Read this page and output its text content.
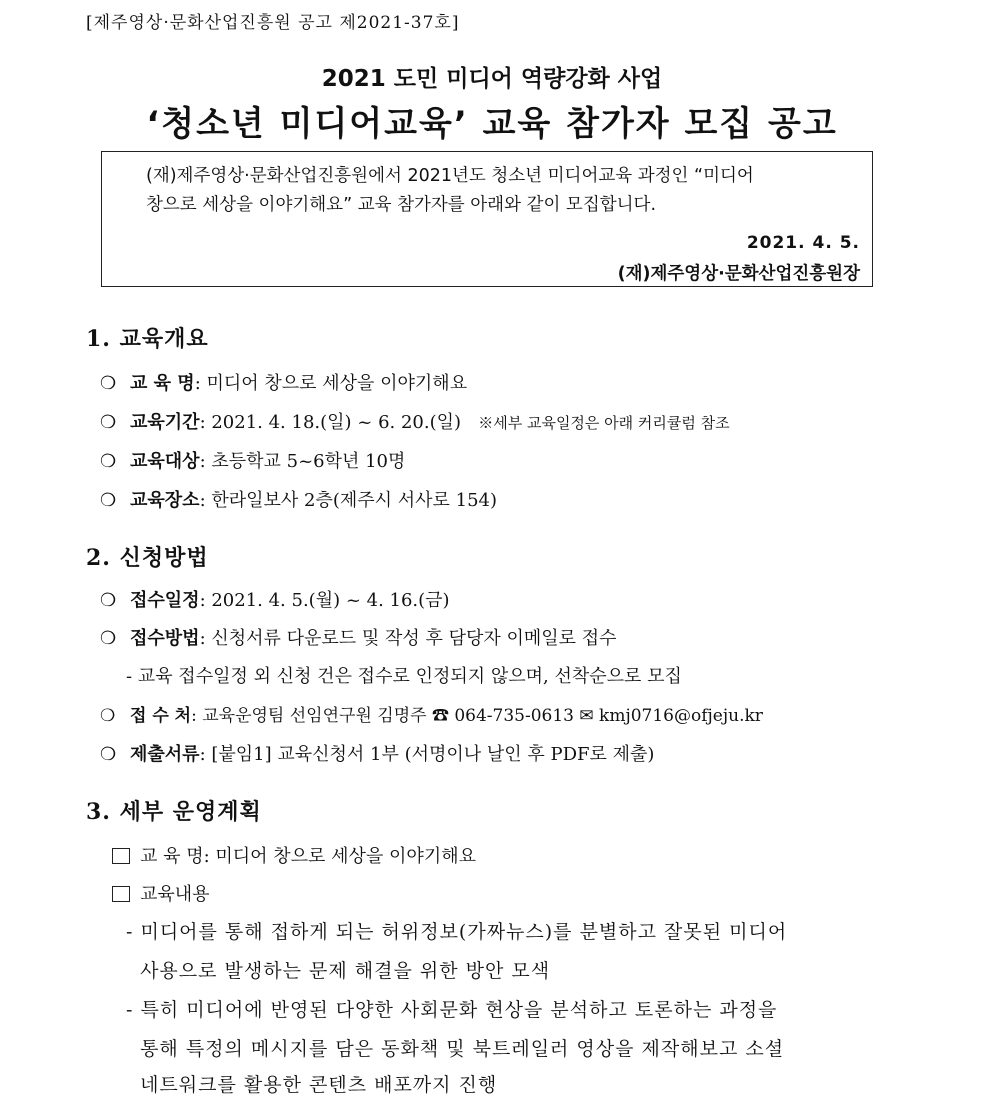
[제주영상·문화산업진흥원 공고 제2021-37호]
2021 도민 미디어 역량강화 사업
‘청소년 미디어교육’ 교육 참가자 모집 공고
(재)제주영상·문화산업진흥원에서 2021년도 청소년 미디어교육 과정인 “미디어
창으로 세상을 이야기해요” 교육 참가자를 아래와 같이 모집합니다.
2021. 4. 5.
(재)제주영상·문화산업진흥원장
1. 교육개요
❍ 교 육 명: 미디어 창으로 세상을 이야기해요
❍ 교육기간: 2021. 4. 18.(일) ~ 6. 20.(일) ※세부 교육일정은 아래 커리큘럼 참조
❍ 교육대상: 초등학교 5~6학년 10명
❍ 교육장소: 한라일보사 2층(제주시 서사로 154)
2. 신청방법
❍ 접수일정: 2021. 4. 5.(월) ~ 4. 16.(금)
❍ 접수방법: 신청서류 다운로드 및 작성 후 담당자 이메일로 접수
- 교육 접수일정 외 신청 건은 접수로 인정되지 않으며, 선착순으로 모집
❍ 접 수 처: 교육운영팀 선임연구원 김명주 ☎ 064-735-0613 ✉ kmj0716@ofjeju.kr
❍ 제출서류: [붙임1] 교육신청서 1부 (서명이나 날인 후 PDF로 제출)
3. 세부 운영계획
교 육 명: 미디어 창으로 세상을 이야기해요
교육내용
- 미디어를 통해 접하게 되는 허위정보(가짜뉴스)를 분별하고 잘못된 미디어
사용으로 발생하는 문제 해결을 위한 방안 모색
- 특히 미디어에 반영된 다양한 사회문화 현상을 분석하고 토론하는 과정을
통해 특정의 메시지를 담은 동화책 및 북트레일러 영상을 제작해보고 소셜
네트워크를 활용한 콘텐츠 배포까지 진행
